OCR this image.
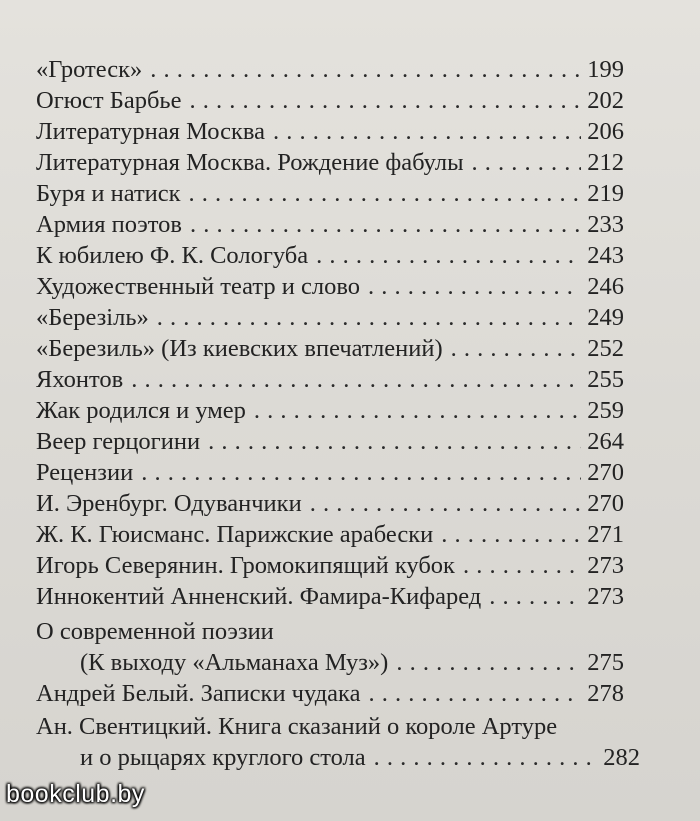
«Гротеск» . . .	199
Огюст Барбье . . .	202
Литературная Москва . . .	206
Литературная Москва. Рождение фабулы . . .	212
Буря и натиск . . .	219
Армия поэтов . . .	233
К юбилею Ф. К. Сологуба . . .	243
Художественный театр и слово . . .	246
«Березіль» . . .	249
«Березиль» (Из киевских впечатлений) . . .	252
Яхонтов . . .	255
Жак родился и умер . . .	259
Веер герцогини . . .	264
Рецензии . . .	270
И. Эренбург. Одуванчики . . .	270
Ж. К. Гюисманс. Парижские арабески . . .	271
Игорь Северянин. Громокипящий кубок . . .	273
Иннокентий Анненский. Фамира-Кифаред . . .	273
О современной поэзии
(К выходу «Альманаха Муз») . . .	275
Андрей Белый. Записки чудака . . .	278
Ан. Свентицкий. Книга сказаний о короле Артуре
и о рыцарях круглого стола . . .	282
bookclub.by
